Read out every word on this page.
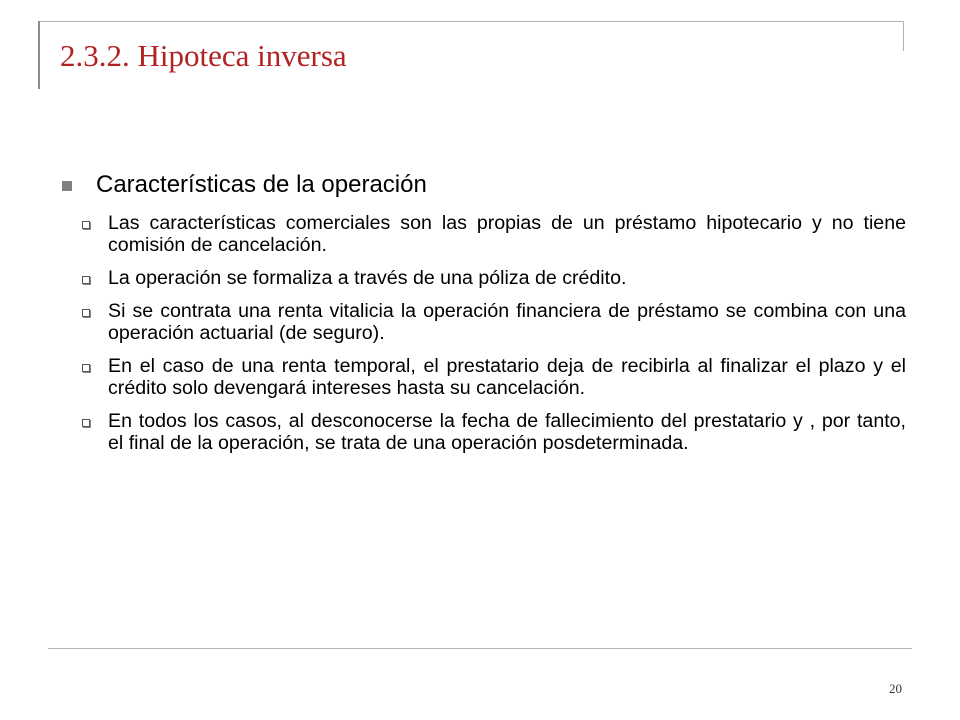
2.3.2. Hipoteca inversa
Características de la operación
Las características comerciales son las propias de un préstamo hipotecario y no tiene comisión de cancelación.
La operación se formaliza a través de una póliza de crédito.
Si se contrata una renta vitalicia la operación financiera de préstamo se combina con una operación actuarial (de seguro).
En el caso de una renta temporal, el prestatario deja de recibirla al finalizar el plazo y el crédito solo devengará intereses hasta su cancelación.
En todos los casos, al desconocerse la fecha de fallecimiento del prestatario y , por tanto, el final de la operación, se trata de una operación posdeterminada.
20
